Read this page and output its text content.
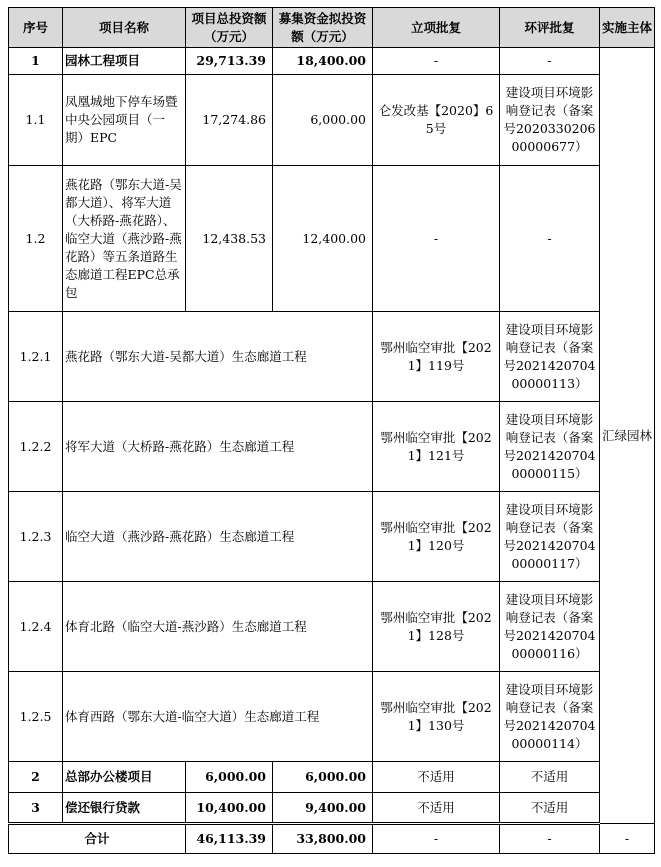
序号	项目名称	项目总投资额（万元）	募集资金拟投资额（万元）	立项批复	环评批复	实施主体
1	园林工程项目	29,713.39	18,400.00	-	-	汇绿园林
1.1	凤凰城地下停车场暨中央公园项目（一期）EPC	17,274.86	6,000.00	仑发改基【2020】65号	建设项目环境影响登记表（备案号202033020600000677）	
1.2	燕花路（鄂东大道-吴都大道）、将军大道（大桥路-燕花路）、临空大道（燕沙路-燕花路）等五条道路生态廊道工程EPC总承包	12,438.53	12,400.00	-	-	
1.2.1	燕花路（鄂东大道-吴都大道）生态廊道工程			鄂州临空审批【2021】119号	建设项目环境影响登记表（备案号202142070400000113）	
1.2.2	将军大道（大桥路-燕花路）生态廊道工程			鄂州临空审批【2021】121号	建设项目环境影响登记表（备案号202142070400000115）	
1.2.3	临空大道（燕沙路-燕花路）生态廊道工程			鄂州临空审批【2021】120号	建设项目环境影响登记表（备案号202142070400000117）	
1.2.4	体育北路（临空大道-燕沙路）生态廊道工程			鄂州临空审批【2021】128号	建设项目环境影响登记表（备案号202142070400000116）	
1.2.5	体育西路（鄂东大道-临空大道）生态廊道工程			鄂州临空审批【2021】130号	建设项目环境影响登记表（备案号202142070400000114）	
2	总部办公楼项目	6,000.00	6,000.00	不适用	不适用	
3	偿还银行贷款	10,400.00	9,400.00	不适用	不适用	
合计		46,113.39	33,800.00	-	-	-
